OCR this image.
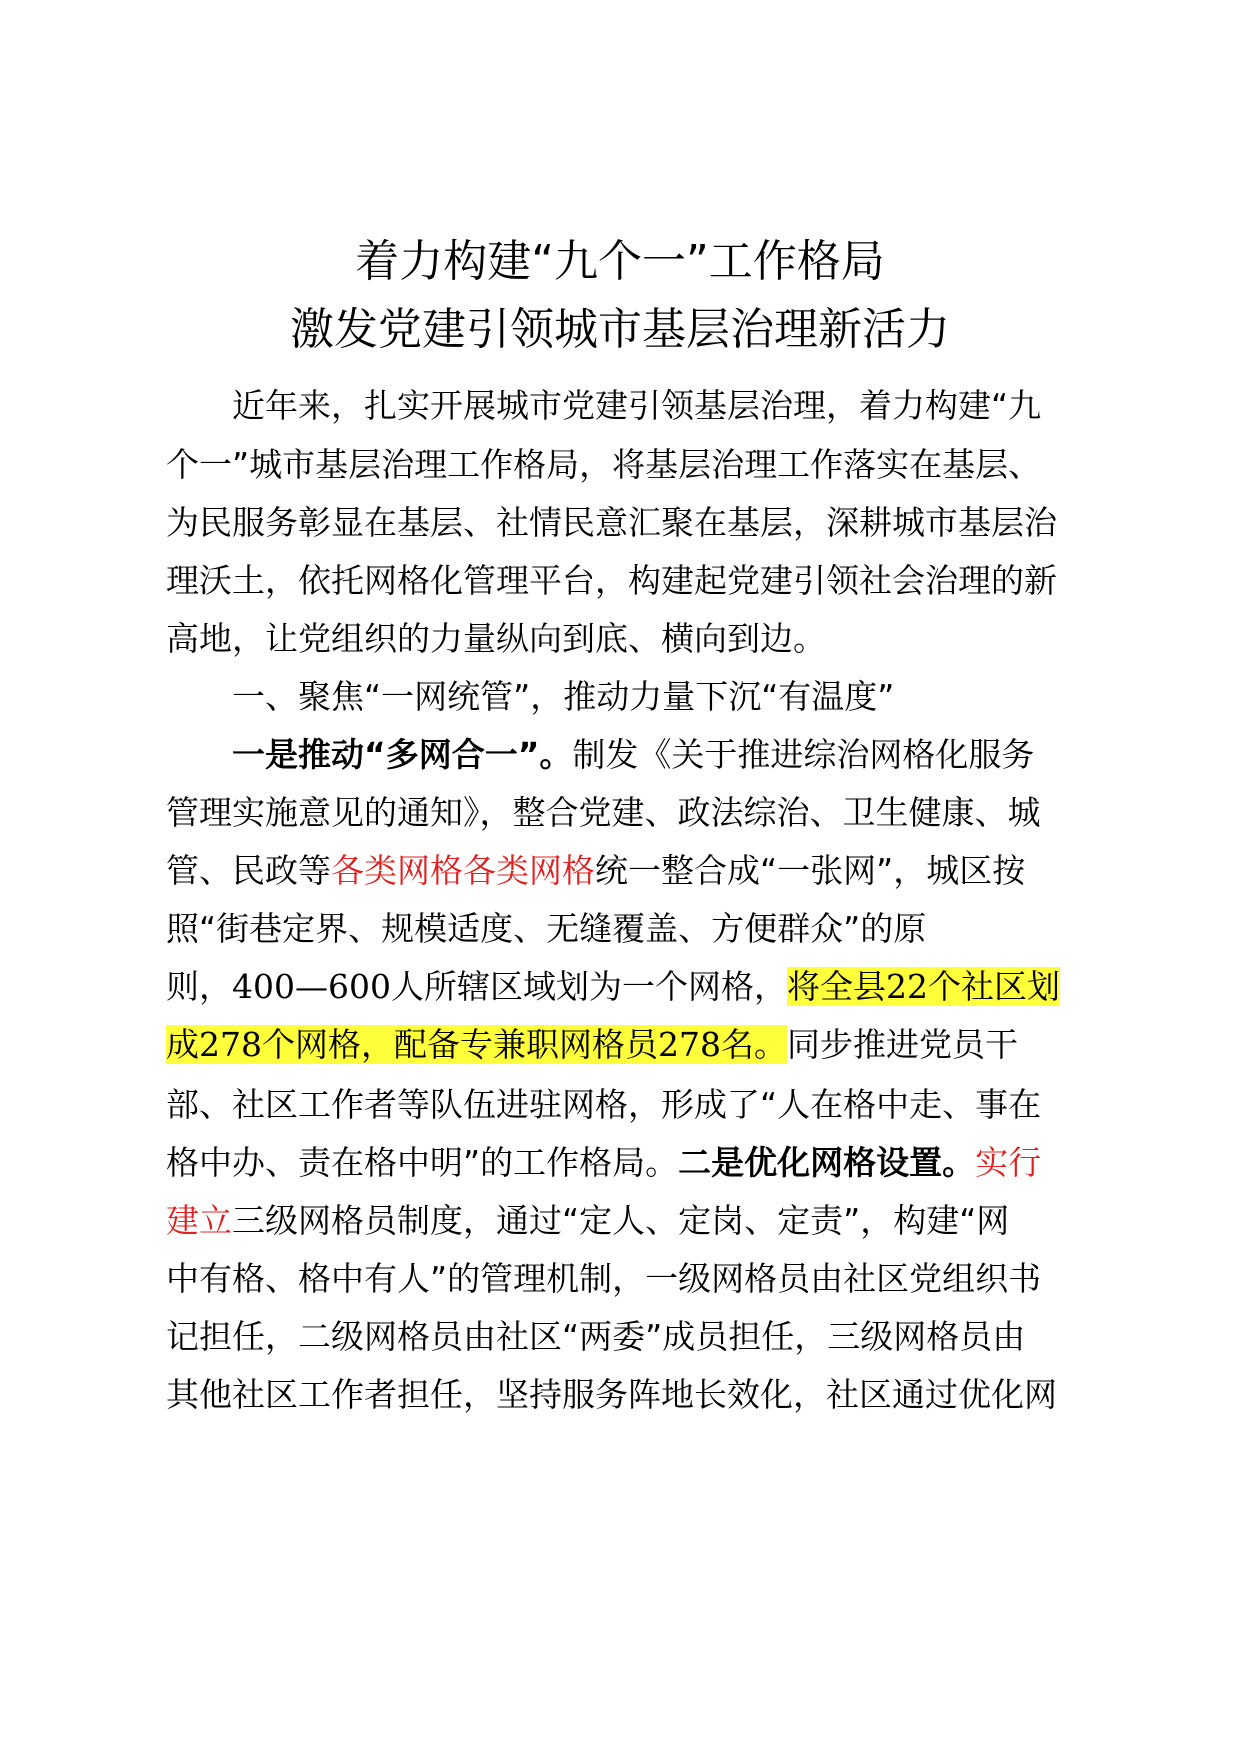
着力构建“九个一”工作格局
激发党建引领城市基层治理新活力
近年来，扎实开展城市党建引领基层治理，着力构建“九
个一”城市基层治理工作格局，将基层治理工作落实在基层、
为民服务彰显在基层、社情民意汇聚在基层，深耕城市基层治
理沃土，依托网格化管理平台，构建起党建引领社会治理的新
高地，让党组织的力量纵向到底、横向到边。
一、聚焦“一网统管”，推动力量下沉“有温度”
一是推动“多网合一”。制发《关于推进综治网格化服务
管理实施意见的通知》，整合党建、政法综治、卫生健康、城
管、民政等各类网格各类网格统一整合成“一张网”，城区按
照“街巷定界、规模适度、无缝覆盖、方便群众”的原
则，400—600人所辖区域划为一个网格，将全县22个社区划
成278个网格，配备专兼职网格员278名。同步推进党员干
部、社区工作者等队伍进驻网格，形成了“人在格中走、事在
格中办、责在格中明”的工作格局。二是优化网格设置。实行
建立三级网格员制度，通过“定人、定岗、定责”，构建“网
中有格、格中有人”的管理机制，一级网格员由社区党组织书
记担任，二级网格员由社区“两委”成员担任，三级网格员由
其他社区工作者担任，坚持服务阵地长效化，社区通过优化网
